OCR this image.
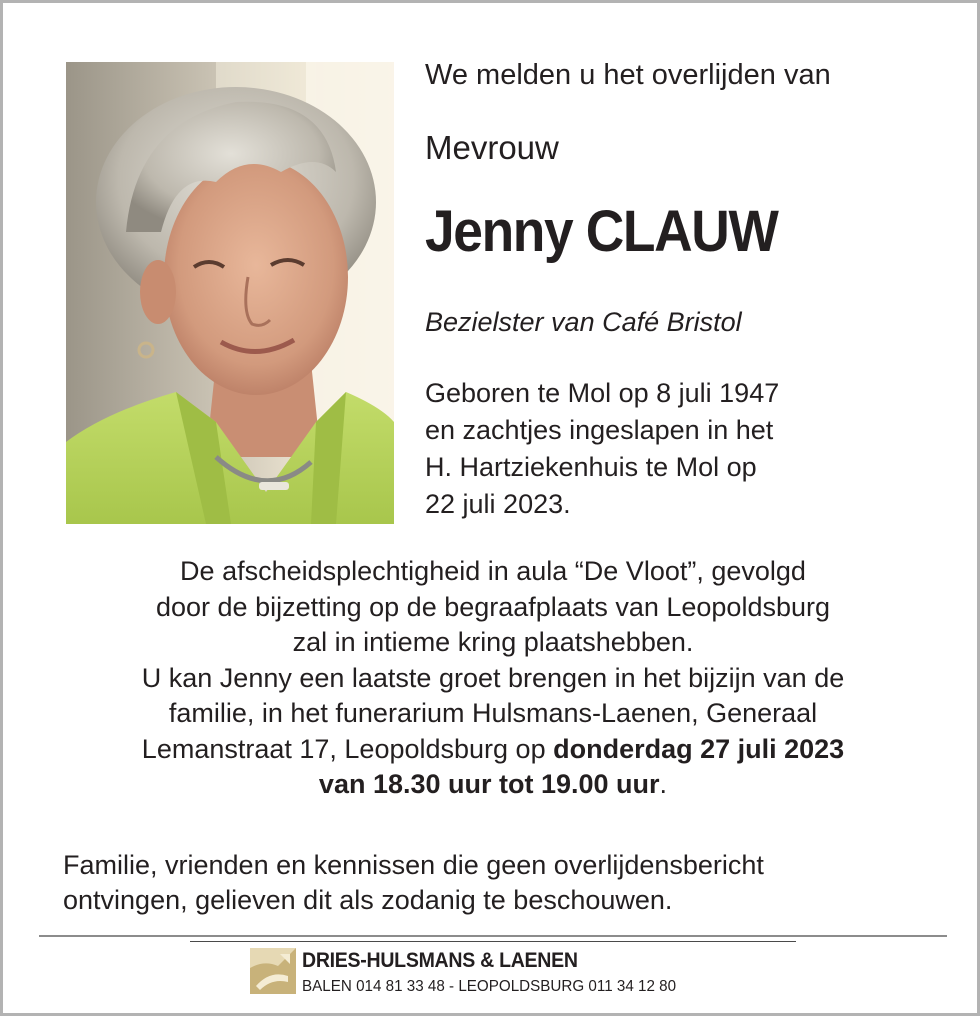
We melden u het overlijden van
Mevrouw
Jenny CLAUW
Bezielster van Café Bristol
Geboren te Mol op 8 juli 1947
en zachtjes ingeslapen in het
H. Hartziekenhuis te Mol op
22 juli 2023.
De afscheidsplechtigheid in aula “De Vloot”, gevolgd
door de bijzetting op de begraafplaats van Leopoldsburg
zal in intieme kring plaatshebben.
U kan Jenny een laatste groet brengen in het bijzijn van de
familie, in het funerarium Hulsmans-Laenen, Generaal
Lemanstraat 17, Leopoldsburg op donderdag 27 juli 2023
van 18.30 uur tot 19.00 uur.
Familie, vrienden en kennissen die geen overlijdensbericht
ontvingen, gelieven dit als zodanig te beschouwen.
DRIES-HULSMANS & LAENEN
BALEN 014 81 33 48 - LEOPOLDSBURG 011 34 12 80
